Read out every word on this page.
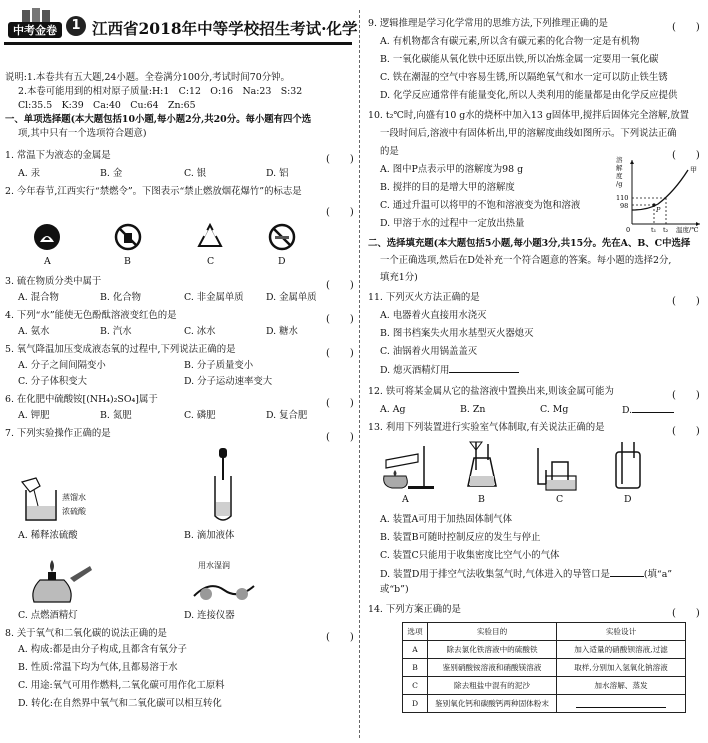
中考金卷	1 江西省2018年中等学校招生考试·化学
说明:1.本卷共有五大题,24小题。全卷满分100分,考试时间70分钟。
2.本卷可能用到的相对原子质量:H:1　C:12　O:16　Na:23　S:32
Cl:35.5　K:39　Ca:40　Cu:64　Zn:65
一、单项选择题(本大题包括10小题,每小题2分,共20分。每小题有四个选
项,其中只有一个选项符合题意)
1. 常温下为液态的金属是	(　　)
A. 汞	B. 金	C. 银	D. 铝
2. 今年春节,江西实行“禁燃令”。下图表示“禁止燃放烟花爆竹”的标志是
(　　)
A	B	C	D
3. 硫在物质分类中属于	(　　)
A. 混合物	B. 化合物	C. 非金属单质 D. 金属单质
4. 下列“水”能使无色酚酞溶液变红色的是	(　　)
A. 氨水	B. 汽水	C. 冰水	D. 糖水
5. 氧气降温加压变成液态氧的过程中,下列说法正确的是	(　　)
A. 分子之间间隔变小	B. 分子质量变小
C. 分子体积变大	D. 分子运动速率变大
6. 在化肥中硫酸铵[(NH₄)₂SO₄]属于	(　　)
A. 钾肥	B. 氮肥	C. 磷肥	D. 复合肥
7. 下列实验操作正确的是	(　　)
蒸馏水
浓硫酸
A. 稀释浓硫酸	B. 滴加液体
用水湿润
C. 点燃酒精灯	D. 连接仪器
8. 关于氧气和二氧化碳的说法正确的是	(　　)
A. 构成:都是由分子构成,且都含有氧分子
B. 性质:常温下均为气体,且都易溶于水
C. 用途:氧气可用作燃料,二氧化碳可用作化工原料
D. 转化:在自然界中氧气和二氧化碳可以相互转化
9. 逻辑推理是学习化学常用的思维方法,下列推理正确的是	(　　)
A. 有机物都含有碳元素,所以含有碳元素的化合物一定是有机物
B. 一氧化碳能从氧化铁中还原出铁,所以冶炼金属一定要用一氧化碳
C. 铁在潮湿的空气中容易生锈,所以隔绝氧气和水一定可以防止铁生锈
D. 化学反应通常伴有能量变化,所以人类利用的能量都是由化学反应提供
10. t₂℃时,向盛有10 g水的烧杯中加入13 g固体甲,搅拌后固体完全溶解,放置
一段时间后,溶液中有固体析出,甲的溶解度曲线如图所示。下列说法正确
的是	(　　)
A. 图中P点表示甲的溶解度为98 g
B. 搅拌的目的是增大甲的溶解度
C. 通过升温可以将甲的不饱和溶液变为饱和溶液
D. 甲溶于水的过程中一定放出热量
溶
解
度
/g
110
98
0
P
甲
t₁ t₂ 温度/℃
二、选择填充题(本大题包括5小题,每小题3分,共15分。先在A、B、C中选择
一个正确选项,然后在D处补充一个符合题意的答案。每小题的选择2分,
填充1分)
11. 下列灭火方法正确的是	(　　)
A. 电器着火直接用水浇灭
B. 图书档案失火用水基型灭火器熄灭
C. 油锅着火用锅盖盖灭
D. 熄灭酒精灯用
12. 铁可将某金属从它的盐溶液中置换出来,则该金属可能为	(　　)
A. Ag	B. Zn	C. Mg	D.
13. 利用下列装置进行实验室气体制取,有关说法正确的是	(　　)
A	B	C	D
A. 装置A可用于加热固体制气体
B. 装置B可随时控制反应的发生与停止
C. 装置C只能用于收集密度比空气小的气体
D. 装置D用于排空气法收集氢气时,气体进入的导管口是	(填“a”
或“b”)
14. 下列方案正确的是	(　　)
选项	实验目的	实验设计
A	除去氯化铁溶液中的硫酸铁	加入适量的硝酸钡溶液,过滤
B	鉴别硝酸铵溶液和硝酸镁溶液	取样,分别加入氢氧化钠溶液
C	除去粗盐中混有的泥沙	加水溶解、蒸发
D	鉴别氧化钙和碳酸钙两种固体粉末	
